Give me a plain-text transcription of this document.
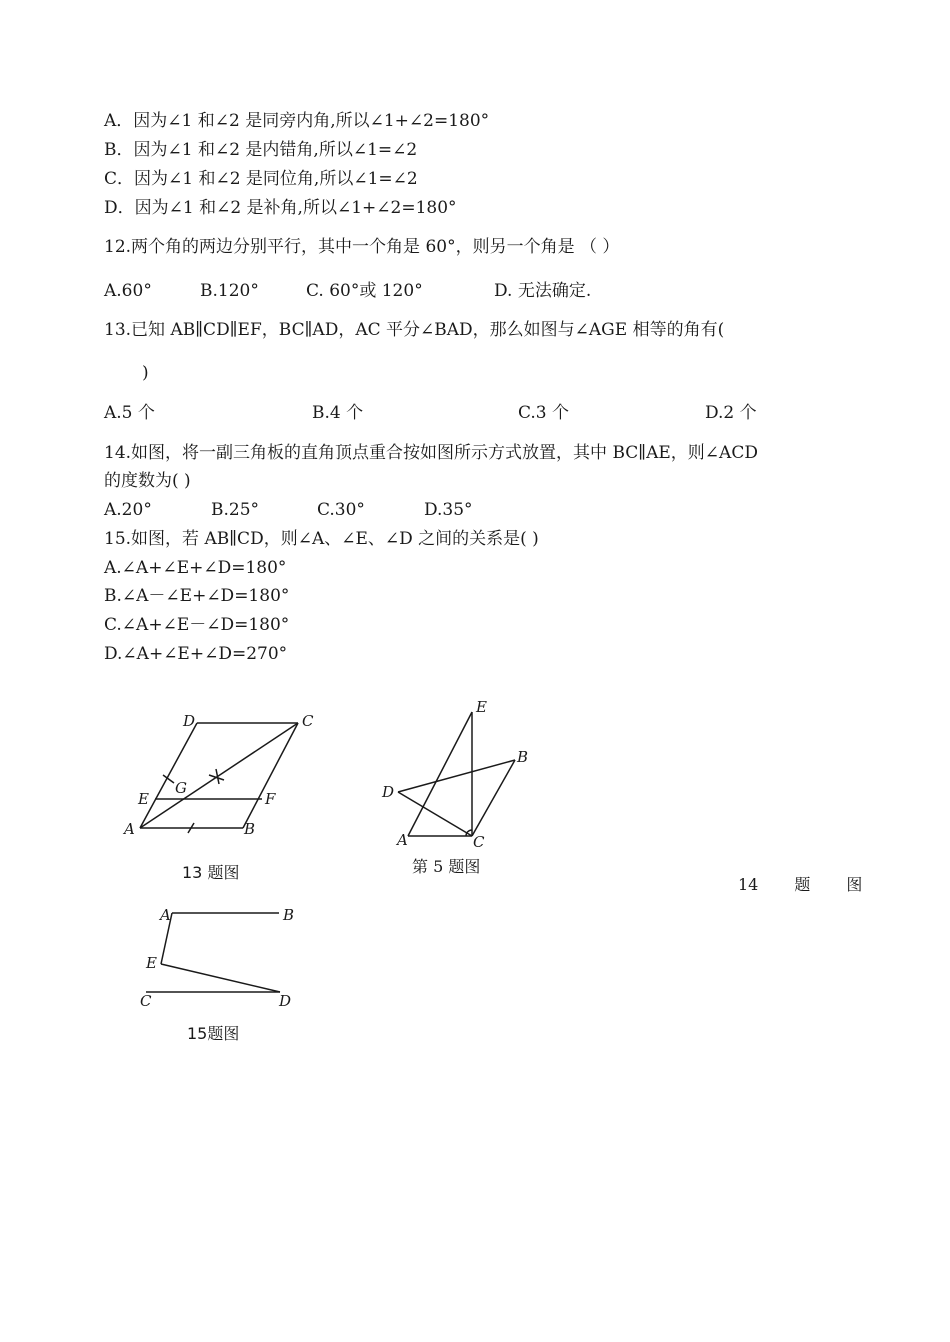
A．因为∠1 和∠2 是同旁内角,所以∠1+∠2=180°
B．因为∠1 和∠2 是内错角,所以∠1=∠2
C．因为∠1 和∠2 是同位角,所以∠1=∠2
D．因为∠1 和∠2 是补角,所以∠1+∠2=180°
12.两个角的两边分别平行，其中一个角是 60°，则另一个角是 （ ）
A.60°	B.120°	C. 60°或 120°	D. 无法确定.
13.已知 AB∥CD∥EF，BC∥AD，AC 平分∠BAD，那么如图与∠AGE 相等的角有(
)
A.5 个	B.4 个	C.3 个	D.2 个
14.如图，将一副三角板的直角顶点重合按如图所示方式放置，其中 BC∥AE，则∠ACD
的度数为( )
A.20°	B.25°	C.30°	D.35°
15.如图，若 AB∥CD，则∠A、∠E、∠D 之间的关系是( )
A.∠A+∠E+∠D=180°
B.∠A－∠E+∠D=180°
C.∠A+∠E－∠D=180°
D.∠A+∠E+∠D=270°
D	C
E
G
F
A	B
E
B
D
A	C
A	B
E
C	D
13 题图	第 5 题图
14 题 图
15题图
